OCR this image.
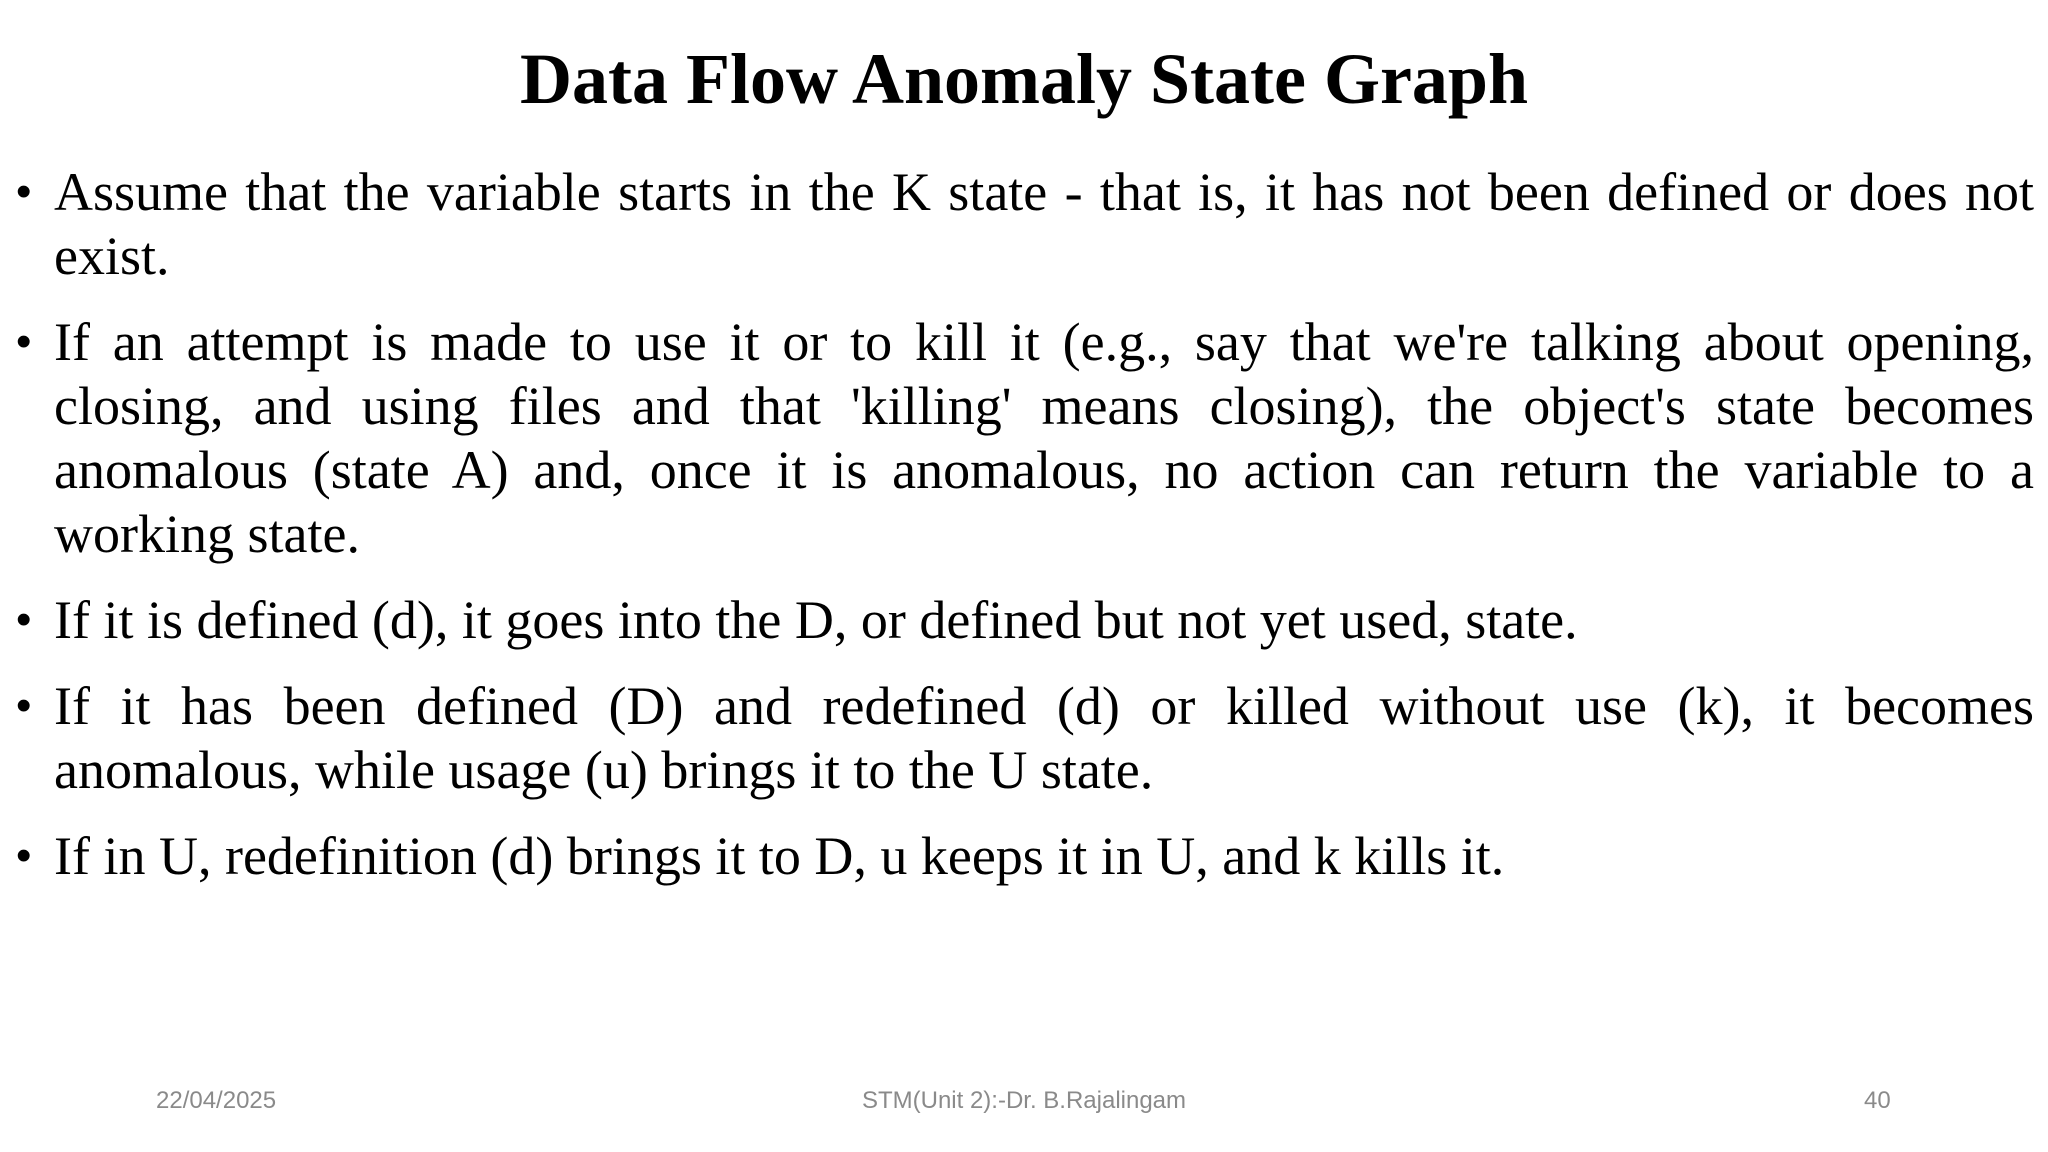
Data Flow Anomaly State Graph
• Assume that the variable starts in the K state - that is, it has not been defined or does not exist.
• If an attempt is made to use it or to kill it (e.g., say that we're talking about opening, closing, and using files and that 'killing' means closing), the object's state becomes anomalous (state A) and, once it is anomalous, no action can return the variable to a working state.
• If it is defined (d), it goes into the D, or defined but not yet used, state.
• If it has been defined (D) and redefined (d) or killed without use (k), it becomes anomalous, while usage (u) brings it to the U state.
• If in U, redefinition (d) brings it to D, u keeps it in U, and k kills it.
22/04/2025	STM(Unit 2):-Dr. B.Rajalingam	40
